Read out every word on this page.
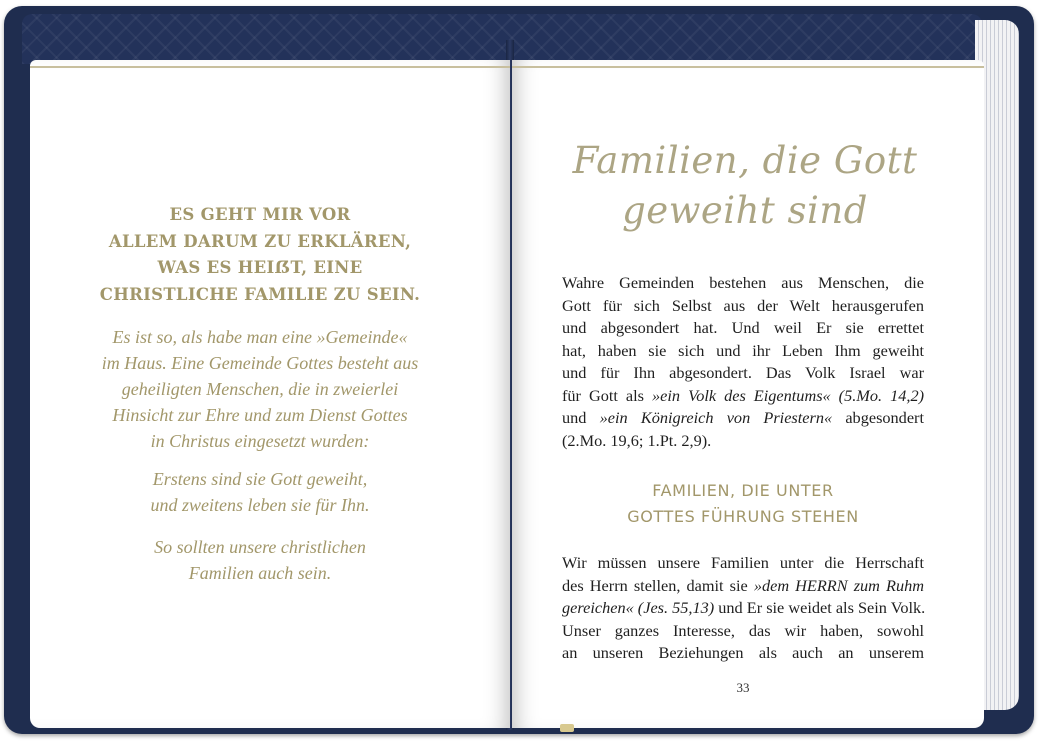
ES GEHT MIR VOR
ALLEM DARUM ZU ERKLÄREN,
WAS ES HEIẞT, EINE
CHRISTLICHE FAMILIE ZU SEIN.
Es ist so, als habe man eine »Gemeinde«
im Haus. Eine Gemeinde Gottes besteht aus
geheiligten Menschen, die in zweierlei
Hinsicht zur Ehre und zum Dienst Gottes
in Christus eingesetzt wurden:
Erstens sind sie Gott geweiht,
und zweitens leben sie für Ihn.
So sollten unsere christlichen
Familien auch sein.
Familien, die Gott
geweiht sind
Wahre Gemeinden bestehen aus Menschen, die
Gott für sich Selbst aus der Welt herausgerufen
und abgesondert hat. Und weil Er sie errettet
hat, haben sie sich und ihr Leben Ihm geweiht
und für Ihn abgesondert. Das Volk Israel war
für Gott als »ein Volk des Eigentums« (5.Mo. 14,2)
und »ein Königreich von Priestern« abgesondert
(2.Mo. 19,6; 1.Pt. 2,9).
FAMILIEN, DIE UNTER
GOTTES FÜHRUNG STEHEN
Wir müssen unsere Familien unter die Herrschaft
des Herrn stellen, damit sie »dem HERRN zum Ruhm
gereichen« (Jes. 55,13) und Er sie weidet als Sein Volk.
Unser ganzes Interesse, das wir haben, sowohl
an unseren Beziehungen als auch an unserem
33
